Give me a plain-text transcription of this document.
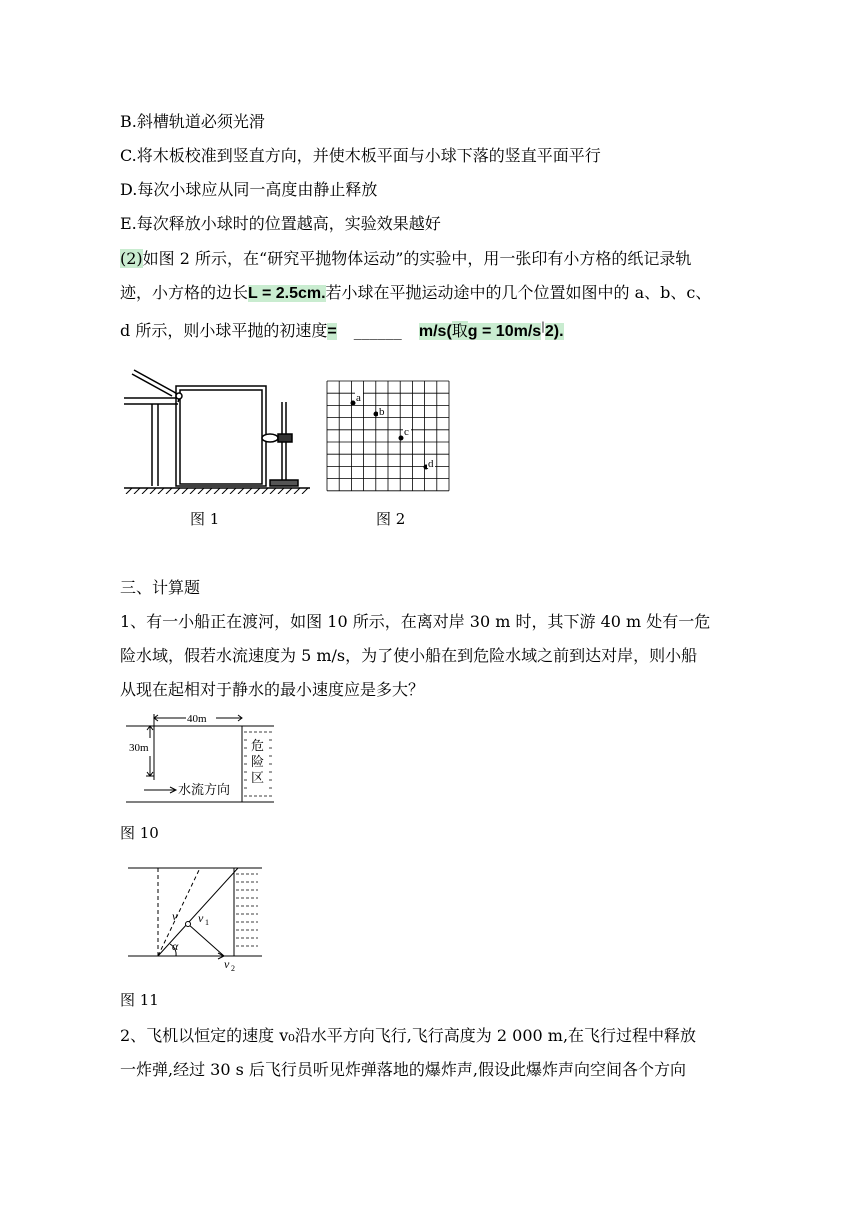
B.斜槽轨道必须光滑
C.将木板校准到竖直方向，并使木板平面与小球下落的竖直平面平行
D.每次小球应从同一高度由静止释放
E.每次释放小球时的位置越高，实验效果越好
(2)如图 2 所示，在“研究平抛物体运动”的实验中，用一张印有小方格的纸记录轨
迹，小方格的边长L = 2.5cm.若小球在平抛运动途中的几个位置如图中的 a、b、c、
d 所示，则小球平抛的初速度= ______ m/s(取g = 10m/s|2).
图 1
a
b
c
d
图 2
三、计算题
1、有一小船正在渡河，如图 10 所示，在离对岸 30 m 时，其下游 40 m 处有一危
险水域，假若水流速度为 5 m/s，为了使小船在到危险水域之前到达对岸，则小船
从现在起相对于静水的最小速度应是多大？
40m
30m	危
险
区
水流方向
图 10
v v 1
v 2
α
图 11
2、飞机以恒定的速度 v₀沿水平方向飞行,飞行高度为 2 000 m,在飞行过程中释放
一炸弹,经过 30 s 后飞行员听见炸弹落地的爆炸声,假设此爆炸声向空间各个方向
